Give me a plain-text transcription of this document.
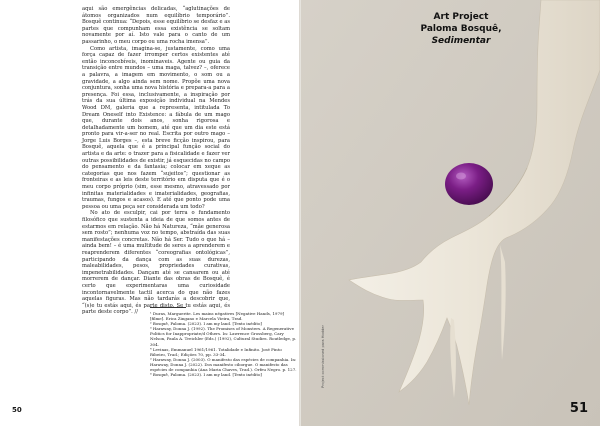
aqui são emergências delicadas, “aglutinações de átomos organizados num equilíbrio temporário”. Bosquê continua: “Depois, esse equilíbrio se desfaz e as partes que compunham essa existência se soltam novamente por aí. Isto vale para o canto de um passarinho, o meu corpo ou uma rocha imensa”.

Como artista, imagina-se, justamente, como uma força capaz de fazer irromper certos existentes até então inconcebíveis, inominaveis. Agente ou guia da transição entre mundos – uma maga, talvez? –, oferece a palavra, a imagem em movimento, o som ou a gravidade, a algo ainda sem nome. Propõe uma nova conjuntura, sonha uma nova história e prepara-a para a presença. Foi essa, inclusivamente, a inspiração por trás da sua última exposição individual na Mendes Wood DM, galeria que a representa, intitulada To Dream Oneself into Existence: a fábula de um mago que, durante dois anos, sonha rigorosa e detalhadamente um homem, até que um dia este está pronto para vir-a-ser no real. Escrita por outro mago – Jorge Luis Borges –, esta breve ficção inspirou, para Bosquê, aquela que é a principal função social do artista e da arte: o trazer para a fisicalidade e fazer ver outras possibilidades de existir, já esquecidas no campo do pensamento e da fantasia; colocar em xeque as categorias que nos fazem “sujeitos”; questionar as fronteiras e as leis deste território em disputa que é o meu corpo próprio (sim, esse mesmo, atravessado por infinitas materialidades e imaterialidades, geografias, traumas, fungos e acasos). E até que ponto pode uma pessoa ou uma peça ser considerada um todo?

No ato de esculpir, cai por terra o fundamento filosófico que sustenta a ideia de que somos antes de estarmos em relação. Não há Natureza, “mãe generosa sem rosto”; nenhuma voz no tempo, abstraída das suas manifestações concretas. Não há Ser. Tudo o que há – ainda bem! – é uma multitude de seres a aprenderem e reaprenderem diferentes “coreografias ontológicas”, participando da dança com as suas durezas, maleabilidades, pesos, propriedades curativas, impenetrabilidades. Dançam até se cansarem ou até morrerem de dançar. Diante das obras de Bosquê, é certo que experimentaras uma curiosidade incontornavelmente tactil acerca do que não fazes aquelas figuras. Mas não tardarás a descobrir que, “(s)e tu estás aqui, és parte disto. Se tu estás aqui, és parte deste corpo”. //	¹ Duras, Marguerite. Les mains négatives [Negative Hands, 1979] [filme]. Erica Zingano e Marcela Vieira, Trad.
² Bosquê, Paloma. (2023). I am my land. [Texto inédito]
³ Haraway, Donna J. (1992). The Promises of Monsters. A Regenerative Politics for Inappropriate/d Others. In: Lawrence Grossberg, Cary Nelson, Paula A. Treichler (Eds.) (1992), Cultural Studies. Routledge, p. 304.
⁴ Levinas, Emmanuel 1961/1961. Totalidade e Infinito. José Pinto Ribeiro, Trad.; Edições 70, pp. 33-34.
⁵ Haraway, Donna J. (2003). O manifesto das espécies de companhia. In: Haraway, Donna J. (2022). Dos manifesto ciborgue. O manifesto das espécies de companhia (Ana Maria Chaves, Trad.). Orfeu Negro. p. 127.
⁶ Bosquê, Paloma. (2023). I am my land. [Texto inédito]
50
Art Project
Paloma Bosquê, Sedimentar
Project commissioned para Hodder
51
